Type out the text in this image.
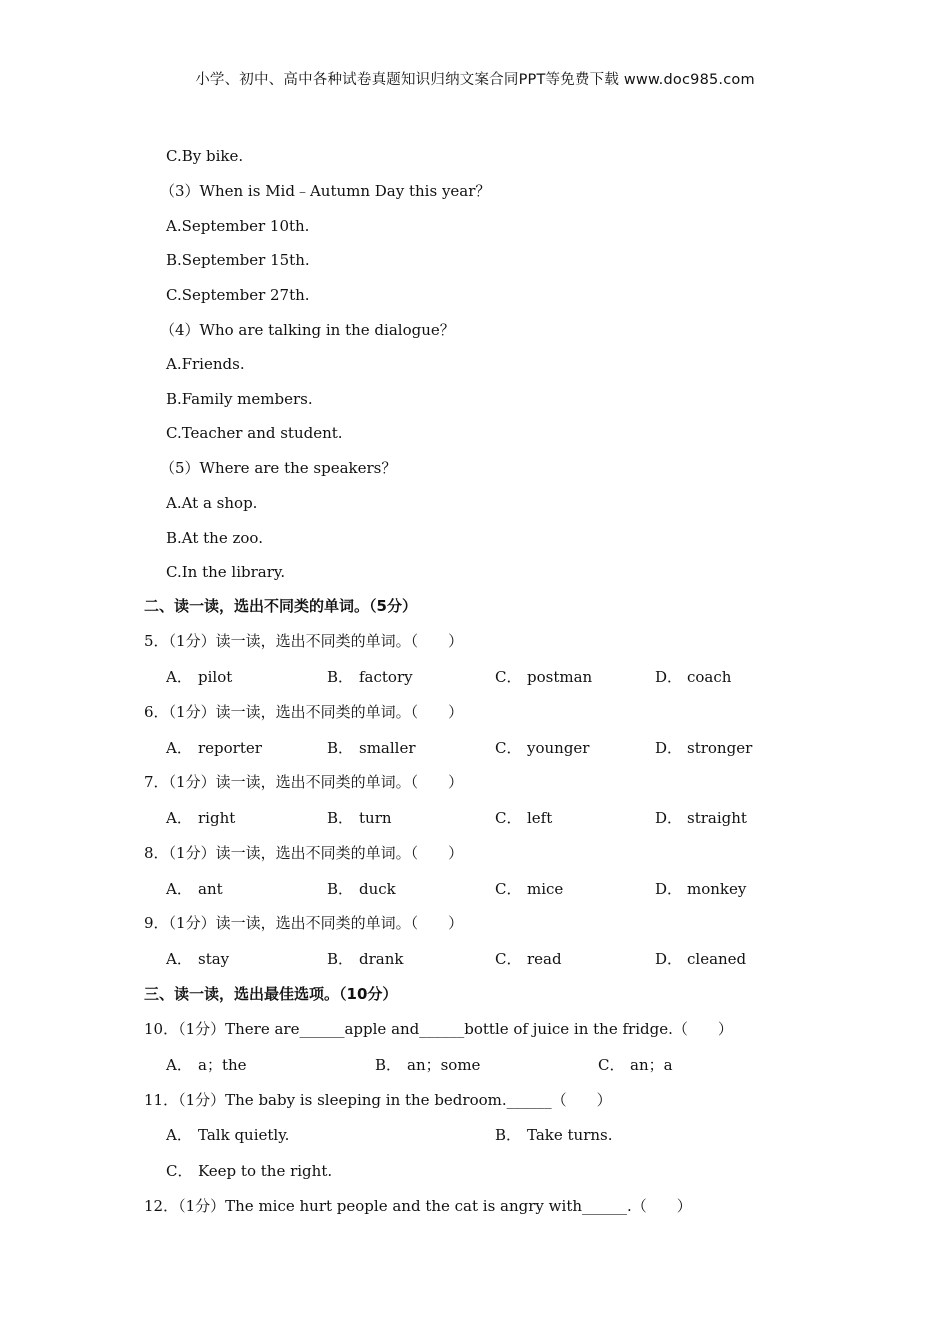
小学、初中、高中各种试卷真题知识归纳文案合同PPT等免费下载 www.doc985.com
C.By bike.
（3）When is Mid﹣Autumn Day this year？
A.September 10th.
B.September 15th.
C.September 27th.
（4）Who are talking in the dialogue？
A.Friends.
B.Family members.
C.Teacher and student.
（5）Where are the speakers？
A.At a shop.
B.At the zoo.
C.In the library.
二、读一读，选出不同类的单词。（5分）
5．（1分）读一读，选出不同类的单词。（　　）
A． pilot	B． factory	C． postman	D． coach
6．（1分）读一读，选出不同类的单词。（　　）
A． reporter	B． smaller	C． younger	D． stronger
7．（1分）读一读，选出不同类的单词。（　　）
A． right	B． turn	C． left	D． straight
8．（1分）读一读，选出不同类的单词。（　　）
A． ant	B． duck	C． mice	D． monkey
9．（1分）读一读，选出不同类的单词。（　　）
A． stay	B． drank	C． read	D． cleaned
三、读一读，选出最佳选项。（10分）
10．（1分）There are______apple and______bottle of juice in the fridge.（　　）
A． a；the	B． an；some	C． an；a
11．（1分）The baby is sleeping in the bedroom.______（　　）
A． Talk quietly.	B． Take turns.
C． Keep to the right.
12．（1分）The mice hurt people and the cat is angry with______.（　　）
